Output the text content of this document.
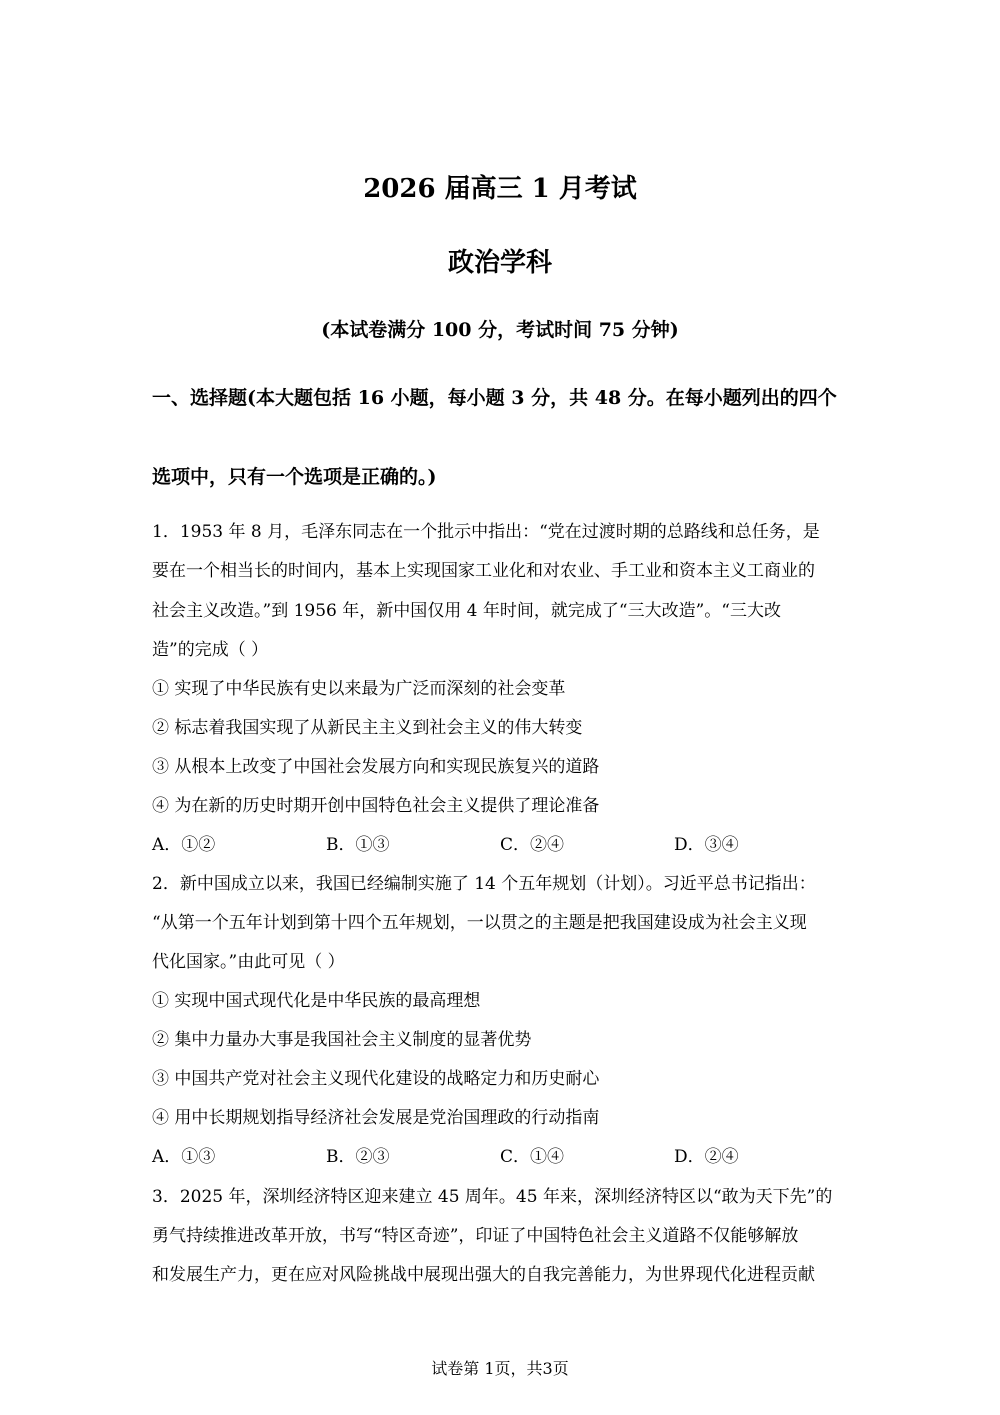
2026 届高三 1 月考试
政治学科
(本试卷满分 100 分，考试时间 75 分钟)
一、选择题(本大题包括 16 小题，每小题 3 分，共 48 分。在每小题列出的四个
选项中，只有一个选项是正确的。)
1．1953 年 8 月，毛泽东同志在一个批示中指出：“党在过渡时期的总路线和总任务，是
要在一个相当长的时间内，基本上实现国家工业化和对农业、手工业和资本主义工商业的
社会主义改造。”到 1956 年，新中国仅用 4 年时间，就完成了“三大改造”。“三大改
造”的完成（ ）
① 实现了中华民族有史以来最为广泛而深刻的社会变革
② 标志着我国实现了从新民主主义到社会主义的伟大转变
③ 从根本上改变了中国社会发展方向和实现民族复兴的道路
④ 为在新的历史时期开创中国特色社会主义提供了理论准备
A．①②	B．①③	C．②④	D．③④
2．新中国成立以来，我国已经编制实施了 14 个五年规划（计划）。习近平总书记指出：
“从第一个五年计划到第十四个五年规划，一以贯之的主题是把我国建设成为社会主义现
代化国家。”由此可见（ ）
① 实现中国式现代化是中华民族的最高理想
② 集中力量办大事是我国社会主义制度的显著优势
③ 中国共产党对社会主义现代化建设的战略定力和历史耐心
④ 用中长期规划指导经济社会发展是党治国理政的行动指南
A．①③	B．②③	C．①④	D．②④
3．2025 年，深圳经济特区迎来建立 45 周年。45 年来，深圳经济特区以“敢为天下先”的
勇气持续推进改革开放，书写“特区奇迹”，印证了中国特色社会主义道路不仅能够解放
和发展生产力，更在应对风险挑战中展现出强大的自我完善能力，为世界现代化进程贡献
试卷第 1页，共3页
